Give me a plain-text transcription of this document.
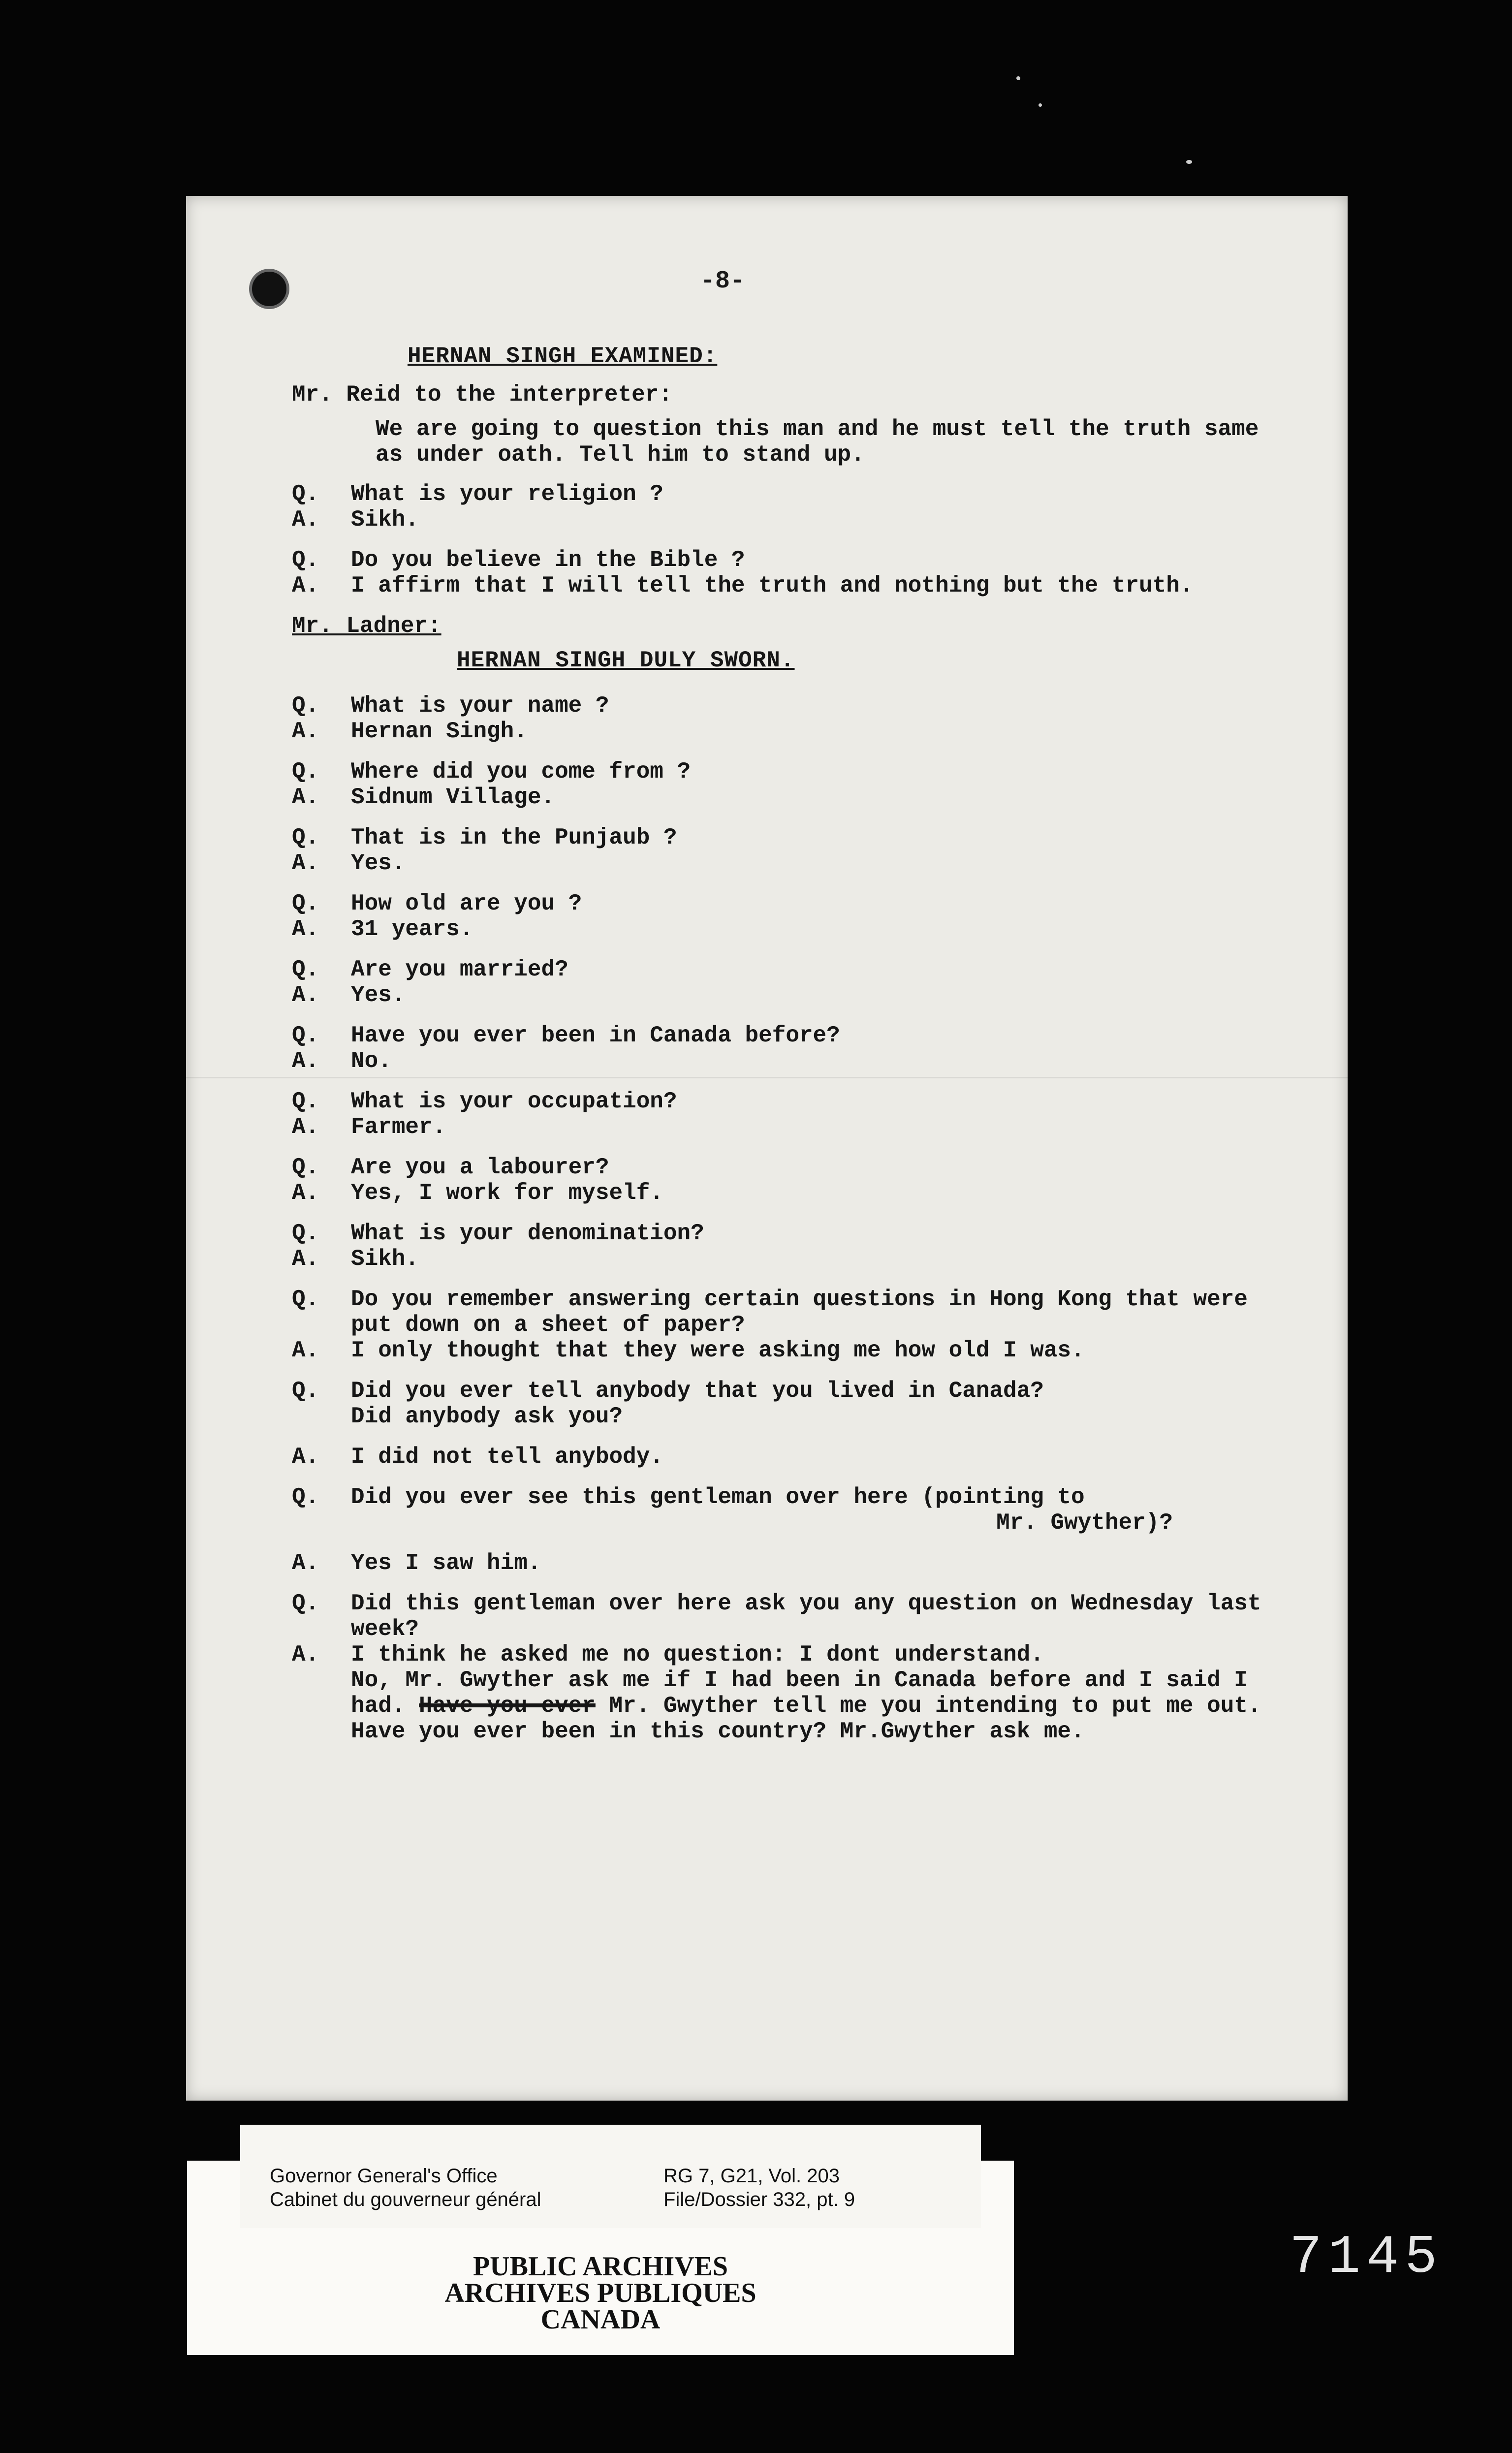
-8-

HERNAN SINGH EXAMINED:

Mr. Reid to the interpreter:

We are going to question this man and he must tell the truth same as under oath. Tell him to stand up.

Q.	What is your religion ?
A.	Sikh.
Q.	Do you believe in the Bible ?
A.	I affirm that I will tell the truth and nothing but the truth.

Mr. Ladner:

HERNAN SINGH DULY SWORN.

Q.	What is your name ?
A.	Hernan Singh.
Q.	Where did you come from ?
A.	Sidnum Village.
Q.	That is in the Punjaub ?
A.	Yes.
Q.	How old are you ?
A.	31 years.
Q.	Are you married?
A.	Yes.
Q.	Have you ever been in Canada before?
A.	No.
Q.	What is your occupation?
A.	Farmer.
Q.	Are you a labourer?
A.	Yes, I work for myself.
Q.	What is your denomination?
A.	Sikh.
Q.	Do you remember answering certain questions in Hong Kong that were put down on a sheet of paper?
A.	I only thought that they were asking me how old I was.
Q.	Did you ever tell anybody that you lived in Canada?
Did anybody ask you?
A.	I did not tell anybody.
Q.	Did you ever see this gentleman over here (pointing to
Mr. Gwyther)?
A.	Yes I saw him.
Q.	Did this gentleman over here ask you any question on Wednesday last week?
A.	I think he asked me no question: I dont understand.
No, Mr. Gwyther ask me if I had been in Canada before and I said I had. Have you ever Mr. Gwyther tell me you intending to put me out. Have you ever been in this country? Mr.Gwyther ask me.
PUBLIC ARCHIVES
ARCHIVES PUBLIQUES
CANADA
Governor General's Office
Cabinet du gouverneur général
RG 7, G21, Vol. 203
File/Dossier 332, pt. 9
7145
